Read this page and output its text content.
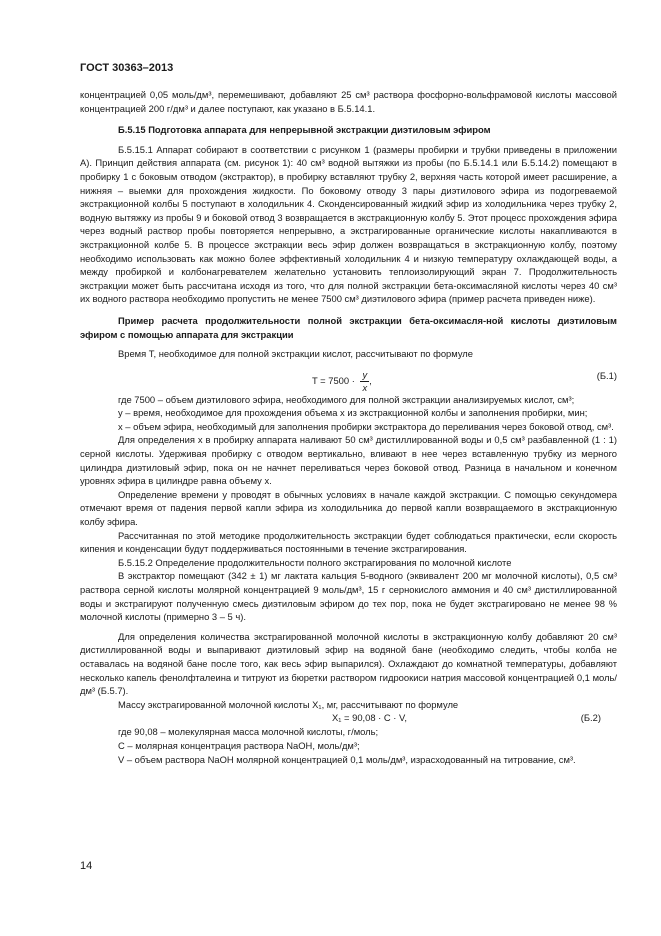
ГОСТ 30363–2013

концентрацией 0,05 моль/дм³, перемешивают, добавляют 25 см³ раствора фосфорно-вольфрамовой кислоты массовой концентрацией 200 г/дм³ и далее поступают, как указано в Б.5.14.1.

Б.5.15 Подготовка аппарата для непрерывной экстракции диэтиловым эфиром

Б.5.15.1 Аппарат собирают в соответствии с рисунком 1 (размеры пробирки и трубки приведены в приложении А). Принцип действия аппарата (см. рисунок 1): 40 см³ водной вытяжки из пробы (по Б.5.14.1 или Б.5.14.2) помещают в пробирку 1 с боковым отводом (экстрактор), в пробирку вставляют трубку 2, верхняя часть которой имеет расширение, а нижняя – выемки для прохождения жидкости. По боковому отводу 3 пары диэтилового эфира из подогреваемой экстракционной колбы 5 поступают в холодильник 4. Сконденсированный жидкий эфир из холодильника через трубку 2, водную вытяжку из пробы 9 и боковой отвод 3 возвращается в экстракционную колбу 5. Этот процесс прохождения эфира через водный раствор пробы повторяется непрерывно, а экстрагированные органические кислоты накапливаются в экстракционной колбе 5. В процессе экстракции весь эфир должен возвращаться в экстракционную колбу, поэтому необходимо использовать как можно более эффективный холодильник 4 и низкую температуру охлаждающей воды, а между пробиркой и колбонагревателем желательно установить теплоизолирующий экран 7. Продолжительность экстракции может быть рассчитана исходя из того, что для полной экстракции бета-оксимасляной кислоты через 40 см³ их водного раствора необходимо пропустить не менее 7500 см³ диэтилового эфира (пример расчета приведен ниже).

Пример расчета продолжительности полной экстракции бета-оксимасля-ной кислоты диэтиловым эфиром с помощью аппарата для экстракции

Время T, необходимое для полной экстракции кислот, рассчитывают по формуле

$T = 7500 \cdot \frac{y}{x}$ ,	(Б.1)

где 7500 – объем диэтилового эфира, необходимого для полной экстракции анализируемых кислот, см³;

y – время, необходимое для прохождения объема x из экстракционной колбы и заполнения пробирки, мин;

x – объем эфира, необходимый для заполнения пробирки экстрактора до переливания через боковой отвод, см³.

Для определения x в пробирку аппарата наливают 50 см³ дистиллированной воды и 0,5 см³ разбавленной (1 : 1) серной кислоты. Удерживая пробирку с отводом вертикально, вливают в нее через вставленную трубку из мерного цилиндра диэтиловый эфир, пока он не начнет переливаться через боковой отвод. Разница в начальном и конечном уровнях эфира в цилиндре равна объему x.

Определение времени y проводят в обычных условиях в начале каждой экстракции. С помощью секундомера отмечают время от падения первой капли эфира из холодильника до первой капли возвращаемого в экстракционную колбу эфира.

Рассчитанная по этой методике продолжительность экстракции будет соблюдаться практически, если скорость кипения и конденсации будут поддерживаться постоянными в течение экстрагирования.

Б.5.15.2 Определение продолжительности полного экстрагирования по молочной кислоте

В экстрактор помещают (342 ± 1) мг лактата кальция 5-водного (эквивалент 200 мг молочной кислоты), 0,5 см³ раствора серной кислоты молярной концентрацией 9 моль/дм³, 15 г сернокислого аммония и 40 см³ дистиллированной воды и экстрагируют полученную смесь диэтиловым эфиром до тех пор, пока не будет экстрагировано не менее 98 % молочной кислоты (примерно 3 – 5 ч).

Для определения количества экстрагированной молочной кислоты в экстракционную колбу добавляют 20 см³ дистиллированной воды и выпаривают диэтиловый эфир на водяной бане (необходимо следить, чтобы колба не оставалась на водяной бане после того, как весь эфир выпарился). Охлаждают до комнатной температуры, добавляют несколько капель фенолфталеина и титруют из бюретки раствором гидроокиси натрия массовой концентрацией 0,1 моль/дм³ (Б.5.7).

Массу экстрагированной молочной кислоты X₁, мг, рассчитывают по формуле

X₁ = 90,08 · C · V,	(Б.2)

где 90,08 – молекулярная масса молочной кислоты, г/моль;

C – молярная концентрация раствора NaOH, моль/дм³;

V – объем раствора NaOH молярной концентрацией 0,1 моль/дм³, израсходованный на титрование, см³.

14
